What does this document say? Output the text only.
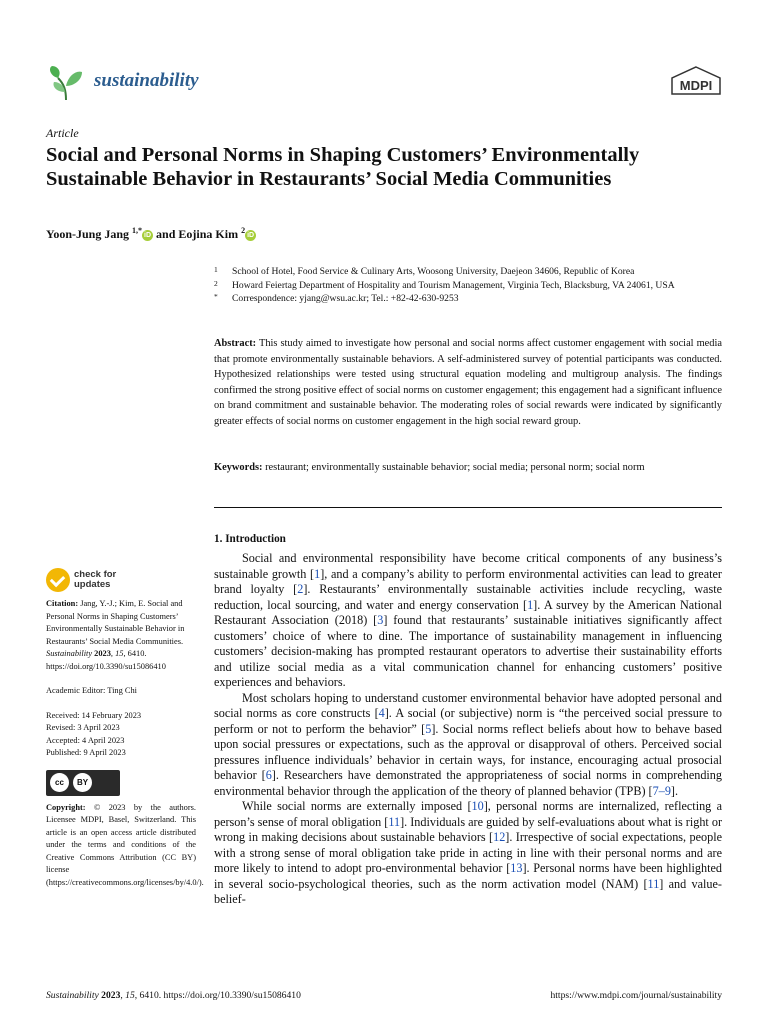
sustainability	MDPI
Article
Social and Personal Norms in Shaping Customers’ Environmentally Sustainable Behavior in Restaurants’ Social Media Communities
Yoon-Jung Jang $^{1,*}$iD and Eojina Kim $^2$iD
1 School of Hotel, Food Service & Culinary Arts, Woosong University, Daejeon 34606, Republic of Korea
2 Howard Feiertag Department of Hospitality and Tourism Management, Virginia Tech, Blacksburg, VA 24061, USA
* Correspondence: yjang@wsu.ac.kr; Tel.: +82-42-630-9253
Abstract: This study aimed to investigate how personal and social norms affect customer engagement with social media that promote environmentally sustainable behaviors. A self-administered survey of potential participants was conducted. Hypothesized relationships were tested using structural equation modeling and multigroup analysis. The findings confirmed the strong positive effect of social norms on customer engagement; this engagement had a significant influence on brand commitment and sustainable behavior. The moderating roles of social rewards were indicated by significantly greater effects of social norms on customer engagement in the high social reward group.
Keywords: restaurant; environmentally sustainable behavior; social media; personal norm; social norm
1. Introduction

Social and environmental responsibility have become critical components of any business’s sustainable growth [1], and a company’s ability to perform environmental activities can lead to greater brand loyalty [2]. Restaurants’ environmentally sustainable activities include recycling, waste reduction, local sourcing, and water and energy conservation [1]. A survey by the American National Restaurant Association (2018) [3] found that restaurants’ sustainable initiatives significantly affect customers’ choice of where to dine. The importance of sustainability management in influencing customers’ decision-making has prompted restaurant operators to advertise their sustainability efforts and utilize social media as a vital communication channel for enhancing customers’ positive experiences and behaviors.

Most scholars hoping to understand customer environmental behavior have adopted personal and social norms as core constructs [4]. A social (or subjective) norm is “the perceived social pressure to perform or not to perform the behavior” [5]. Social norms reflect beliefs about how to behave based upon social pressures or expectations, such as the approval or disapproval of others. Perceived social pressures influence individuals’ behavior in certain ways, for instance, encouraging actual prosocial behavior [6]. Researchers have demonstrated the appropriateness of social norms in comprehending environmental behavior through the application of the theory of planned behavior (TPB) [7–9].

While social norms are externally imposed [10], personal norms are internalized, reflecting a person’s sense of moral obligation [11]. Individuals are guided by self-evaluations about what is right or wrong in making decisions about sustainable behaviors [12]. Irrespective of social expectations, people with a strong sense of moral obligation take pride in acting in line with their personal norms and are more likely to intend to adopt pro-environmental behavior [13]. Personal norms have been highlighted in several socio-psychological theories, such as the norm activation model (NAM) [11] and value-belief-

check for
updates
Citation: Jang, Y.-J.; Kim, E. Social and Personal Norms in Shaping Customers’ Environmentally Sustainable Behavior in Restaurants’ Social Media Communities. Sustainability 2023, 15, 6410. https://doi.org/10.3390/su15086410
Academic Editor: Ting Chi
Received: 14 February 2023
Revised: 3 April 2023
Accepted: 4 April 2023
Published: 9 April 2023
cc	BY
Copyright: © 2023 by the authors. Licensee MDPI, Basel, Switzerland. This article is an open access article distributed under the terms and conditions of the Creative Commons Attribution (CC BY) license (https://creativecommons.org/licenses/by/4.0/).
Sustainability 2023, 15, 6410. https://doi.org/10.3390/su15086410	https://www.mdpi.com/journal/sustainability
